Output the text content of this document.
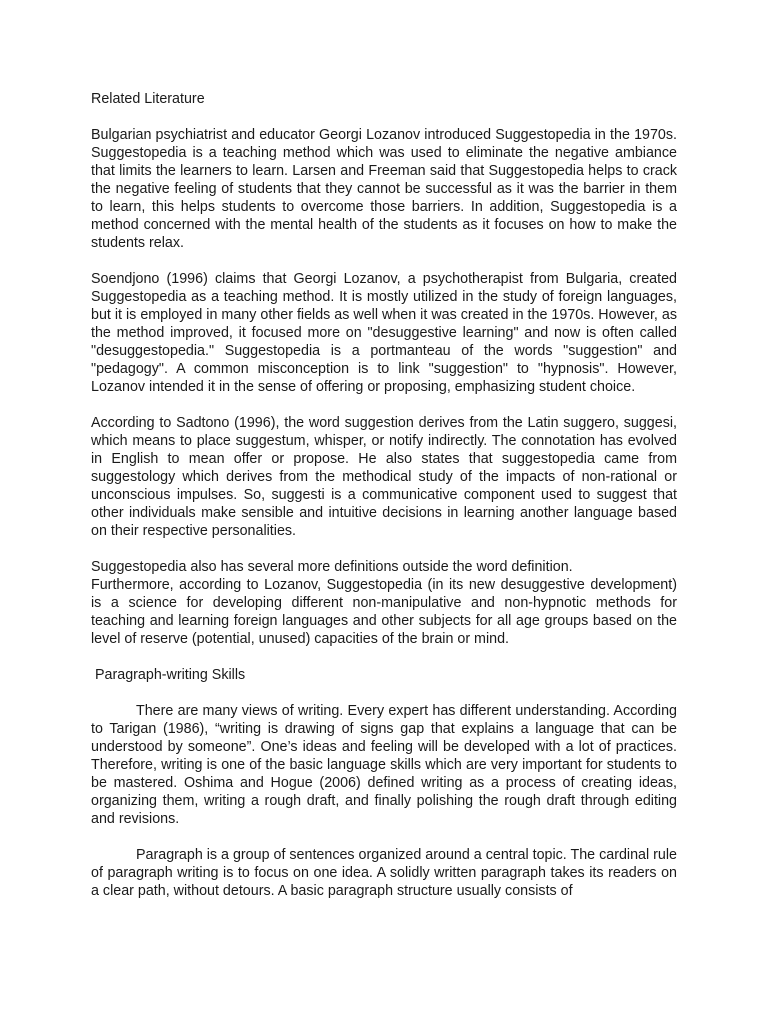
Related Literature

Bulgarian psychiatrist and educator Georgi Lozanov introduced Suggestopedia in the 1970s. Suggestopedia is a teaching method which was used to eliminate the negative ambiance that limits the learners to learn. Larsen and Freeman said that Suggestopedia helps to crack the negative feeling of students that they cannot be successful as it was the barrier in them to learn, this helps students to overcome those barriers. In addition, Suggestopedia is a method concerned with the mental health of the students as it focuses on how to make the students relax.

Soendjono (1996) claims that Georgi Lozanov, a psychotherapist from Bulgaria, created Suggestopedia as a teaching method. It is mostly utilized in the study of foreign languages, but it is employed in many other fields as well when it was created in the 1970s. However, as the method improved, it focused more on "desuggestive learning" and now is often called "desuggestopedia." Suggestopedia is a portmanteau of the words "suggestion" and "pedagogy". A common misconception is to link "suggestion" to "hypnosis". However, Lozanov intended it in the sense of offering or proposing, emphasizing student choice.

According to Sadtono (1996), the word suggestion derives from the Latin suggero, suggesi, which means to place suggestum, whisper, or notify indirectly. The connotation has evolved in English to mean offer or propose. He also states that suggestopedia came from suggestology which derives from the methodical study of the impacts of non-rational or unconscious impulses. So, suggesti is a communicative component used to suggest that other individuals make sensible and intuitive decisions in learning another language based on their respective personalities.

Suggestopedia also has several more definitions outside the word definition.

Furthermore, according to Lozanov, Suggestopedia (in its new desuggestive development) is a science for developing different non-manipulative and non-hypnotic methods for teaching and learning foreign languages and other subjects for all age groups based on the level of reserve (potential, unused) capacities of the brain or mind.

Paragraph-writing Skills

There are many views of writing. Every expert has different understanding. According to Tarigan (1986), “writing is drawing of signs gap that explains a language that can be understood by someone”. One’s ideas and feeling will be developed with a lot of practices. Therefore, writing is one of the basic language skills which are very important for students to be mastered. Oshima and Hogue (2006) defined writing as a process of creating ideas, organizing them, writing a rough draft, and finally polishing the rough draft through editing and revisions.

Paragraph is a group of sentences organized around a central topic. The cardinal rule of paragraph writing is to focus on one idea. A solidly written paragraph takes its readers on a clear path, without detours. A basic paragraph structure usually consists of
